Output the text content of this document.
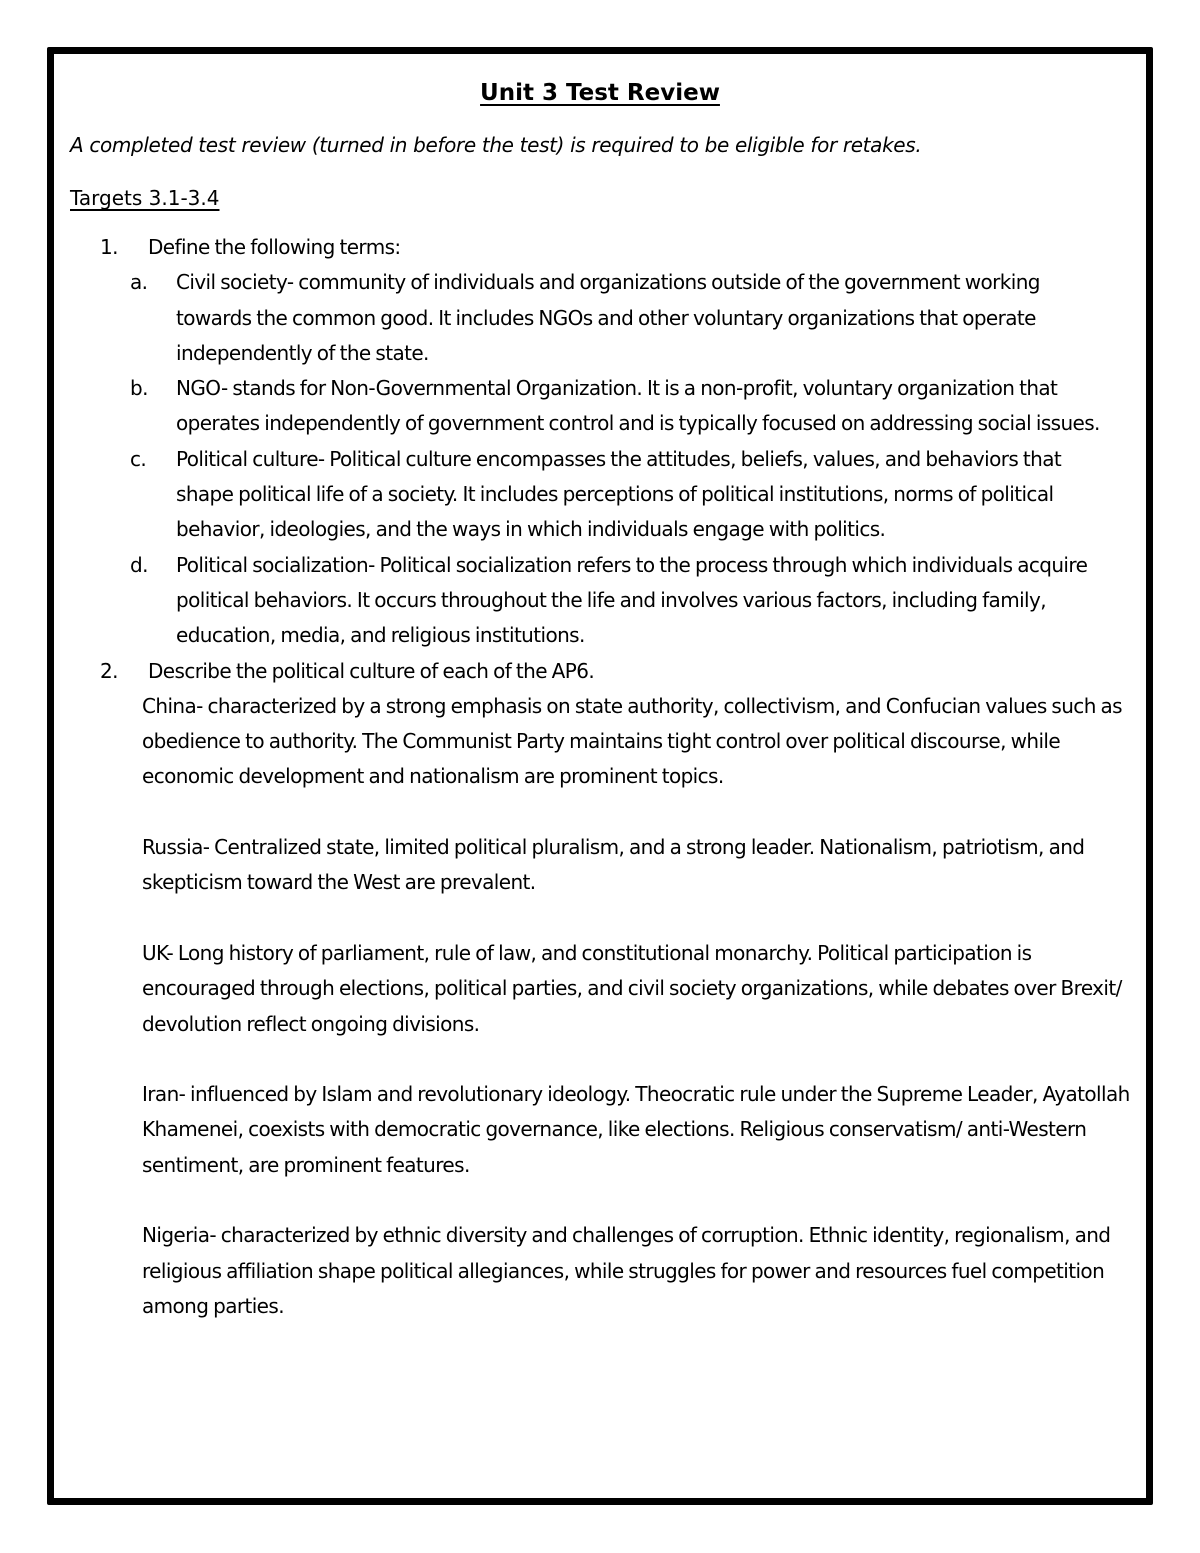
Unit 3 Test Review
A completed test review (turned in before the test) is required to be eligible for retakes.
Targets 3.1-3.4
1. Define the following terms:
a. Civil society- community of individuals and organizations outside of the government working towards the common good. It includes NGOs and other voluntary organizations that operate independently of the state.
b. NGO- stands for Non-Governmental Organization. It is a non-profit, voluntary organization that operates independently of government control and is typically focused on addressing social issues.
c. Political culture- Political culture encompasses the attitudes, beliefs, values, and behaviors that shape political life of a society. It includes perceptions of political institutions, norms of political behavior, ideologies, and the ways in which individuals engage with politics.
d. Political socialization- Political socialization refers to the process through which individuals acquire political behaviors. It occurs throughout the life and involves various factors, including family, education, media, and religious institutions.
2. Describe the political culture of each of the AP6.

China- characterized by a strong emphasis on state authority, collectivism, and Confucian values such as obedience to authority. The Communist Party maintains tight control over political discourse, while economic development and nationalism are prominent topics.

Russia- Centralized state, limited political pluralism, and a strong leader. Nationalism, patriotism, and skepticism toward the West are prevalent.

UK- Long history of parliament, rule of law, and constitutional monarchy. Political participation is encouraged through elections, political parties, and civil society organizations, while debates over Brexit/ devolution reflect ongoing divisions.

Iran- influenced by Islam and revolutionary ideology. Theocratic rule under the Supreme Leader, Ayatollah Khamenei, coexists with democratic governance, like elections. Religious conservatism/ anti-Western sentiment, are prominent features.

Nigeria- characterized by ethnic diversity and challenges of corruption. Ethnic identity, regionalism, and religious affiliation shape political allegiances, while struggles for power and resources fuel competition among parties.
